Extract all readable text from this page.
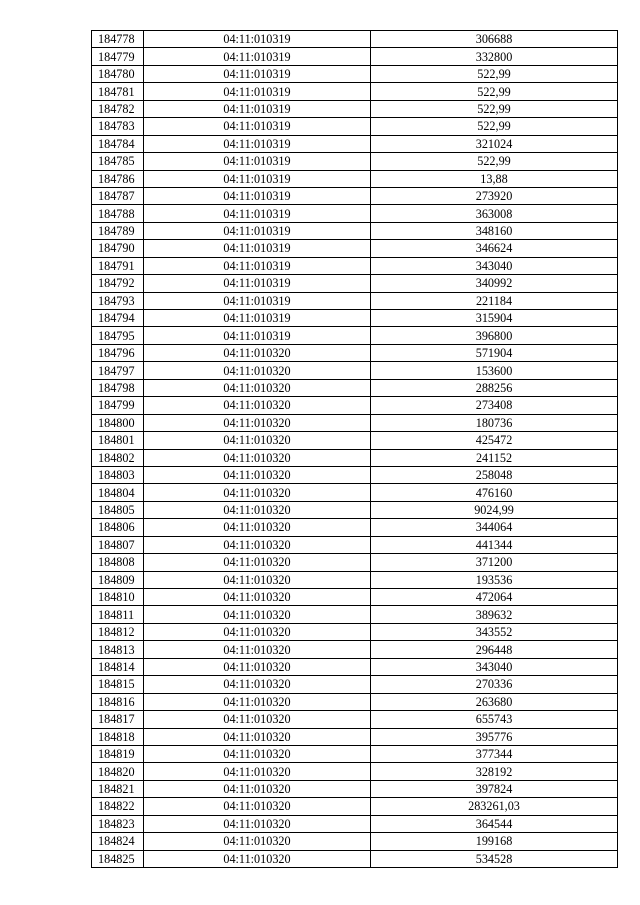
184778	04:11:010319	306688
184779	04:11:010319	332800
184780	04:11:010319	522,99
184781	04:11:010319	522,99
184782	04:11:010319	522,99
184783	04:11:010319	522,99
184784	04:11:010319	321024
184785	04:11:010319	522,99
184786	04:11:010319	13,88
184787	04:11:010319	273920
184788	04:11:010319	363008
184789	04:11:010319	348160
184790	04:11:010319	346624
184791	04:11:010319	343040
184792	04:11:010319	340992
184793	04:11:010319	221184
184794	04:11:010319	315904
184795	04:11:010319	396800
184796	04:11:010320	571904
184797	04:11:010320	153600
184798	04:11:010320	288256
184799	04:11:010320	273408
184800	04:11:010320	180736
184801	04:11:010320	425472
184802	04:11:010320	241152
184803	04:11:010320	258048
184804	04:11:010320	476160
184805	04:11:010320	9024,99
184806	04:11:010320	344064
184807	04:11:010320	441344
184808	04:11:010320	371200
184809	04:11:010320	193536
184810	04:11:010320	472064
184811	04:11:010320	389632
184812	04:11:010320	343552
184813	04:11:010320	296448
184814	04:11:010320	343040
184815	04:11:010320	270336
184816	04:11:010320	263680
184817	04:11:010320	655743
184818	04:11:010320	395776
184819	04:11:010320	377344
184820	04:11:010320	328192
184821	04:11:010320	397824
184822	04:11:010320	283261,03
184823	04:11:010320	364544
184824	04:11:010320	199168
184825	04:11:010320	534528
